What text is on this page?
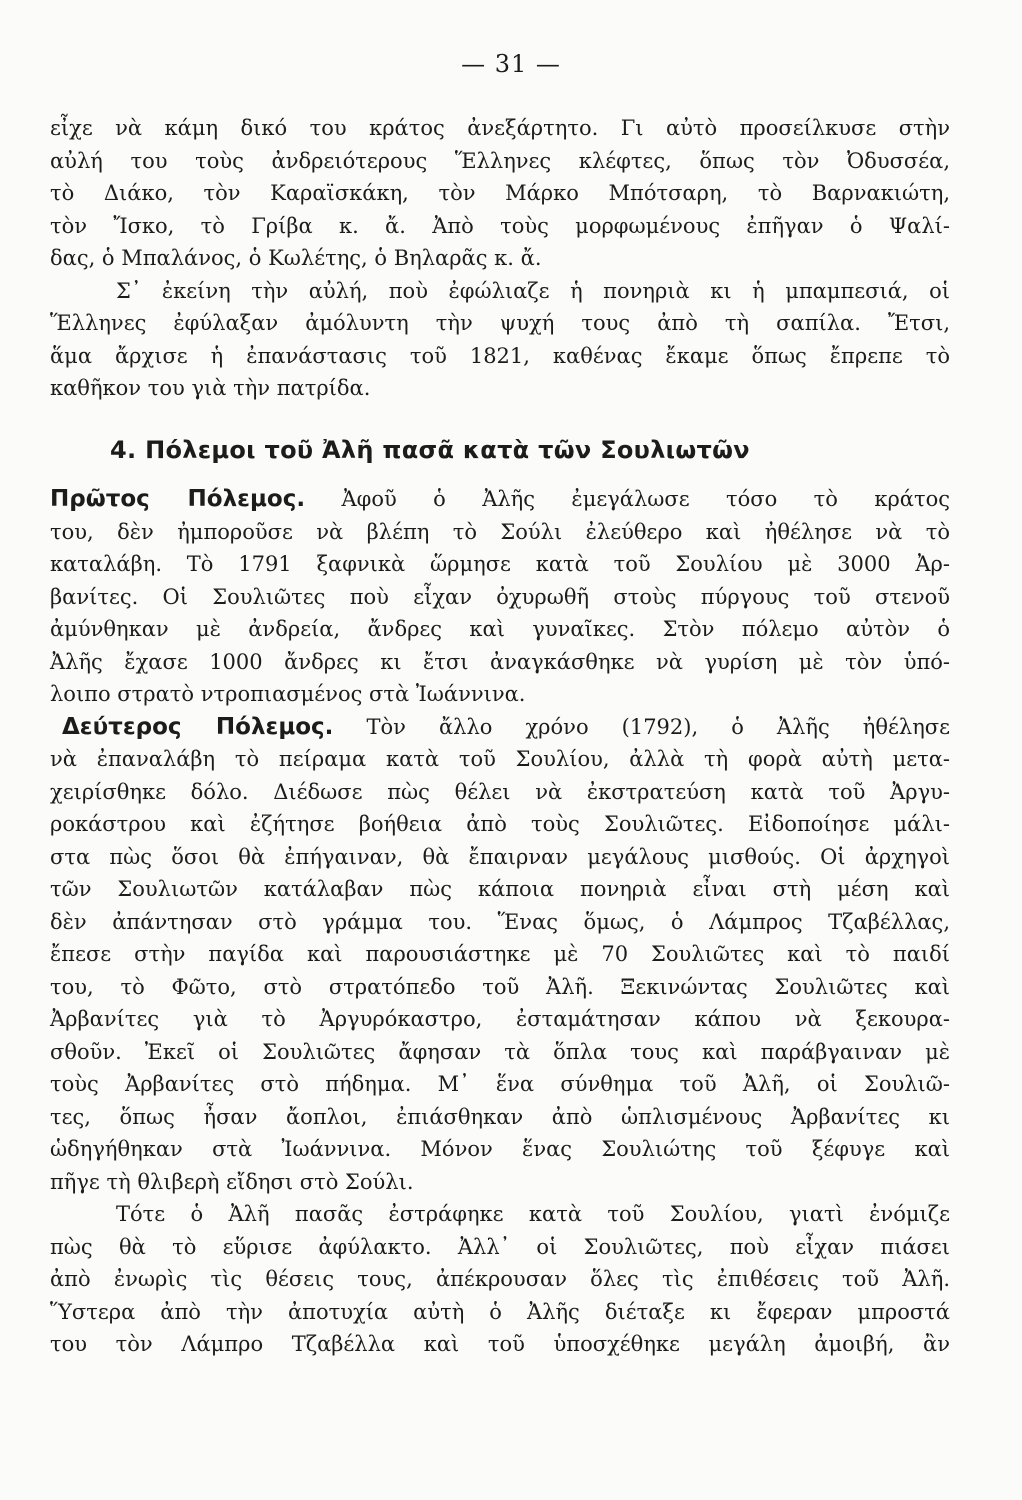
— 31 —
εἶχε νὰ κάμη δικό του κράτος ἀνεξάρτητο. Γι αὐτὸ προσείλκυσε στὴν
αὐλή του τοὺς ἀνδρειότερους Ἕλληνες κλέφτες, ὅπως τὸν Ὀδυσσέα,
τὸ Διάκο, τὸν Καραϊσκάκη, τὸν Μάρκο Μπότσαρη, τὸ Βαρνακιώτη,
τὸν Ἴσκο, τὸ Γρίβα κ. ἄ. Ἀπὸ τοὺς μορφωμένους ἐπῆγαν ὁ Ψαλί-
δας, ὁ Μπαλάνος, ὁ Κωλέτης, ὁ Βηλαρᾶς κ. ἄ.
Σ᾽ ἐκείνη τὴν αὐλή, ποὺ ἐφώλιαζε ἡ πονηριὰ κι ἡ μπαμπεσιά, οἱ
Ἕλληνες ἐφύλαξαν ἀμόλυντη τὴν ψυχή τους ἀπὸ τὴ σαπίλα. Ἔτσι,
ἅμα ἄρχισε ἡ ἐπανάστασις τοῦ 1821, καθένας ἔκαμε ὅπως ἔπρεπε τὸ
καθῆκον του γιὰ τὴν πατρίδα.
4. Πόλεμοι τοῦ Ἀλῆ πασᾶ κατὰ τῶν Σουλιωτῶν
Πρῶτος Πόλεμος. Ἀφοῦ ὁ Ἀλῆς ἐμεγάλωσε τόσο τὸ κράτος
του, δὲν ἠμποροῦσε νὰ βλέπη τὸ Σούλι ἐλεύθερο καὶ ἠθέλησε νὰ τὸ
καταλάβη. Τὸ 1791 ξαφνικὰ ὥρμησε κατὰ τοῦ Σουλίου μὲ 3000 Ἀρ-
βανίτες. Οἱ Σουλιῶτες ποὺ εἶχαν ὀχυρωθῆ στοὺς πύργους τοῦ στενοῦ
ἀμύνθηκαν μὲ ἀνδρεία, ἄνδρες καὶ γυναῖκες. Στὸν πόλεμο αὐτὸν ὁ
Ἀλῆς ἔχασε 1000 ἄνδρες κι ἔτσι ἀναγκάσθηκε νὰ γυρίση μὲ τὸν ὑπό-
λοιπο στρατὸ ντροπιασμένος στὰ Ἰωάννινα.
Δεύτερος Πόλεμος. Τὸν ἄλλο χρόνο (1792), ὁ Ἀλῆς ἠθέλησε
νὰ ἐπαναλάβη τὸ πείραμα κατὰ τοῦ Σουλίου, ἀλλὰ τὴ φορὰ αὐτὴ μετα-
χειρίσθηκε δόλο. Διέδωσε πὼς θέλει νὰ ἐκστρατεύση κατὰ τοῦ Ἀργυ-
ροκάστρου καὶ ἐζήτησε βοήθεια ἀπὸ τοὺς Σουλιῶτες. Εἰδοποίησε μάλι-
στα πὼς ὅσοι θὰ ἐπήγαιναν, θὰ ἔπαιρναν μεγάλους μισθούς. Οἱ ἀρχηγοὶ
τῶν Σουλιωτῶν κατάλαβαν πὼς κάποια πονηριὰ εἶναι στὴ μέση καὶ
δὲν ἀπάντησαν στὸ γράμμα του. Ἕνας ὅμως, ὁ Λάμπρος Τζαβέλλας,
ἔπεσε στὴν παγίδα καὶ παρουσιάστηκε μὲ 70 Σουλιῶτες καὶ τὸ παιδί
του, τὸ Φῶτο, στὸ στρατόπεδο τοῦ Ἀλῆ. Ξεκινώντας Σουλιῶτες καὶ
Ἀρβανίτες γιὰ τὸ Ἀργυρόκαστρο, ἐσταμάτησαν κάπου νὰ ξεκουρα-
σθοῦν. Ἐκεῖ οἱ Σουλιῶτες ἄφησαν τὰ ὅπλα τους καὶ παράβγαιναν μὲ
τοὺς Ἀρβανίτες στὸ πήδημα. Μ᾽ ἕνα σύνθημα τοῦ Ἀλῆ, οἱ Σουλιῶ-
τες, ὅπως ἦσαν ἄοπλοι, ἐπιάσθηκαν ἀπὸ ὡπλισμένους Ἀρβανίτες κι
ὡδηγήθηκαν στὰ Ἰωάννινα. Μόνον ἕνας Σουλιώτης τοῦ ξέφυγε καὶ
πῆγε τὴ θλιβερὴ εἴδησι στὸ Σούλι.
Τότε ὁ Ἀλῆ πασᾶς ἐστράφηκε κατὰ τοῦ Σουλίου, γιατὶ ἐνόμιζε
πὼς θὰ τὸ εὕρισε ἀφύλακτο. Ἀλλ᾽ οἱ Σουλιῶτες, ποὺ εἶχαν πιάσει
ἀπὸ ἐνωρὶς τὶς θέσεις τους, ἀπέκρουσαν ὅλες τὶς ἐπιθέσεις τοῦ Ἀλῆ.
Ὕστερα ἀπὸ τὴν ἀποτυχία αὐτὴ ὁ Ἀλῆς διέταξε κι ἔφεραν μπροστά
του τὸν Λάμπρο Τζαβέλλα καὶ τοῦ ὑποσχέθηκε μεγάλη ἀμοιβή, ἂν
